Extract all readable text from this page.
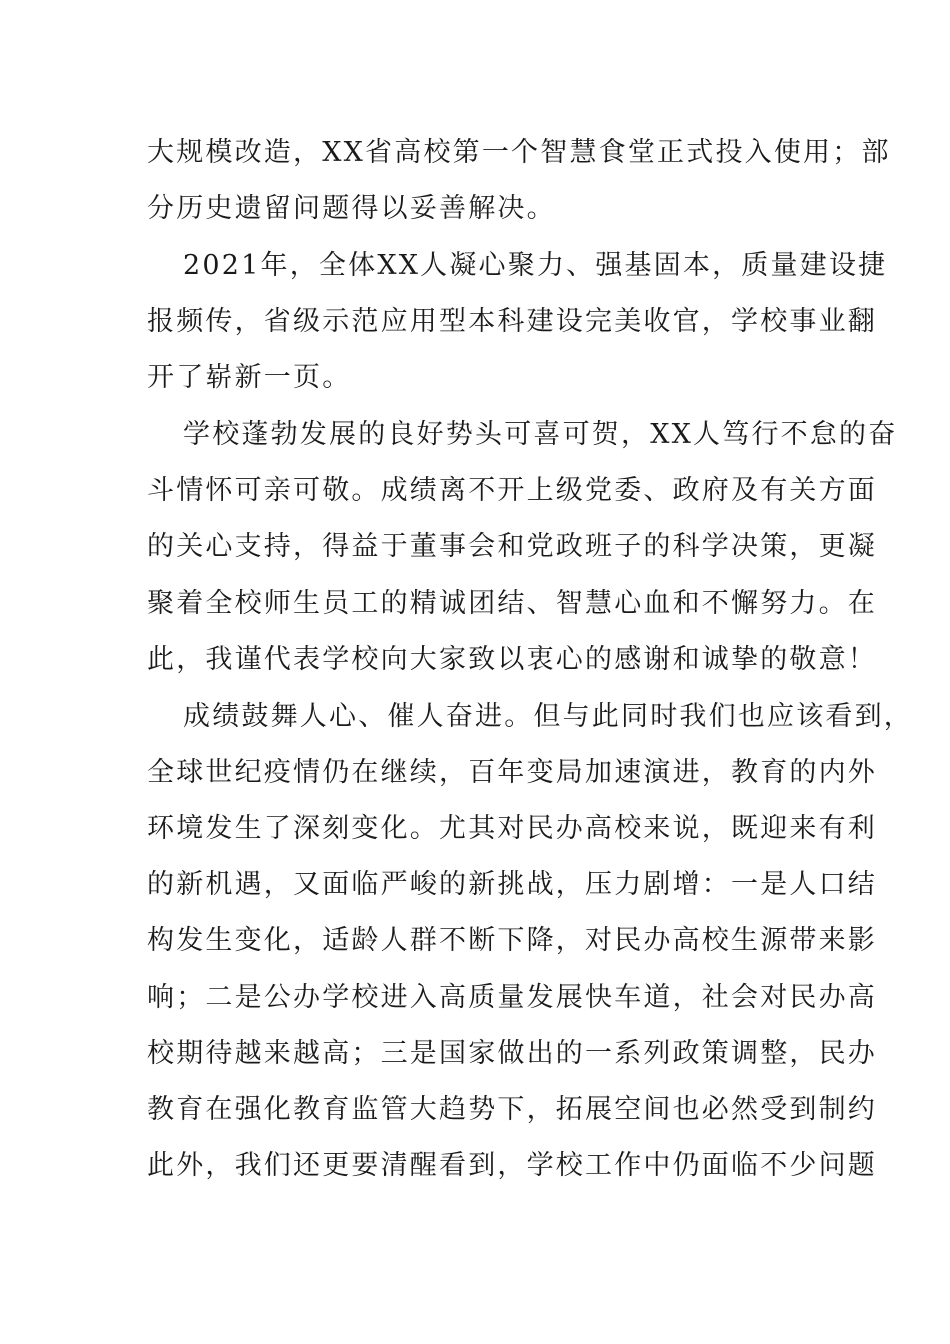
大规模改造，XX省高校第一个智慧食堂正式投入使用；部
分历史遗留问题得以妥善解决。
2021年，全体XX人凝心聚力、强基固本，质量建设捷
报频传，省级示范应用型本科建设完美收官，学校事业翻
开了崭新一页。
学校蓬勃发展的良好势头可喜可贺，XX人笃行不怠的奋
斗情怀可亲可敬。成绩离不开上级党委、政府及有关方面
的关心支持，得益于董事会和党政班子的科学决策，更凝
聚着全校师生员工的精诚团结、智慧心血和不懈努力。在
此，我谨代表学校向大家致以衷心的感谢和诚挚的敬意！
成绩鼓舞人心、催人奋进。但与此同时我们也应该看到，
全球世纪疫情仍在继续，百年变局加速演进，教育的内外
环境发生了深刻变化。尤其对民办高校来说，既迎来有利
的新机遇，又面临严峻的新挑战，压力剧增：一是人口结
构发生变化，适龄人群不断下降，对民办高校生源带来影
响；二是公办学校进入高质量发展快车道，社会对民办高
校期待越来越高；三是国家做出的一系列政策调整，民办
教育在强化教育监管大趋势下，拓展空间也必然受到制约
此外，我们还更要清醒看到，学校工作中仍面临不少问题
